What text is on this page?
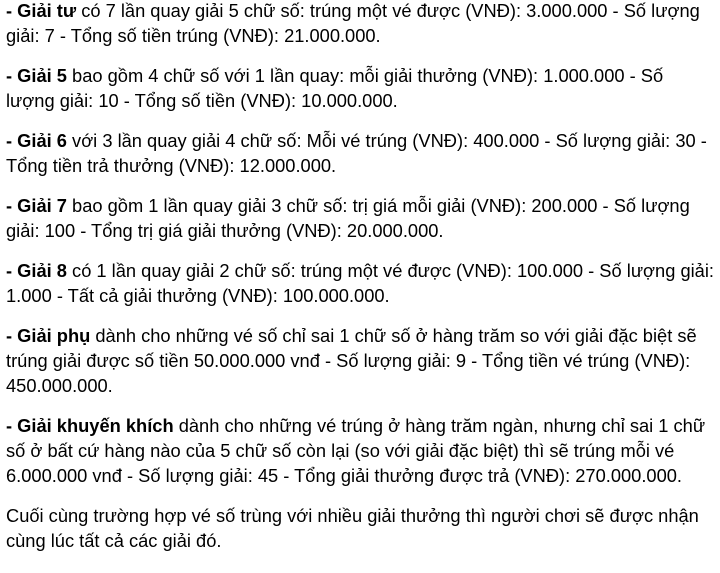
- Giải tư có 7 lần quay giải 5 chữ số: trúng một vé được (VNĐ): 3.000.000 - Số lượng giải: 7 - Tổng số tiền trúng (VNĐ): 21.000.000.

- Giải 5 bao gồm 4 chữ số với 1 lần quay: mỗi giải thưởng (VNĐ): 1.000.000 - Số lượng giải: 10 - Tổng số tiền (VNĐ): 10.000.000.

- Giải 6 với 3 lần quay giải 4 chữ số: Mỗi vé trúng (VNĐ): 400.000 - Số lượng giải: 30 - Tổng tiền trả thưởng (VNĐ): 12.000.000.

- Giải 7 bao gồm 1 lần quay giải 3 chữ số: trị giá mỗi giải (VNĐ): 200.000 - Số lượng giải: 100 - Tổng trị giá giải thưởng (VNĐ): 20.000.000.

- Giải 8 có 1 lần quay giải 2 chữ số: trúng một vé được (VNĐ): 100.000 - Số lượng giải: 1.000 - Tất cả giải thưởng (VNĐ): 100.000.000.

- Giải phụ dành cho những vé số chỉ sai 1 chữ số ở hàng trăm so với giải đặc biệt sẽ trúng giải được số tiền 50.000.000 vnđ - Số lượng giải: 9 - Tổng tiền vé trúng (VNĐ): 450.000.000.

- Giải khuyến khích dành cho những vé trúng ở hàng trăm ngàn, nhưng chỉ sai 1 chữ số ở bất cứ hàng nào của 5 chữ số còn lại (so với giải đặc biệt) thì sẽ trúng mỗi vé 6.000.000 vnđ - Số lượng giải: 45 - Tổng giải thưởng được trả (VNĐ): 270.000.000.

Cuối cùng trường hợp vé số trùng với nhiều giải thưởng thì người chơi sẽ được nhận cùng lúc tất cả các giải đó.
